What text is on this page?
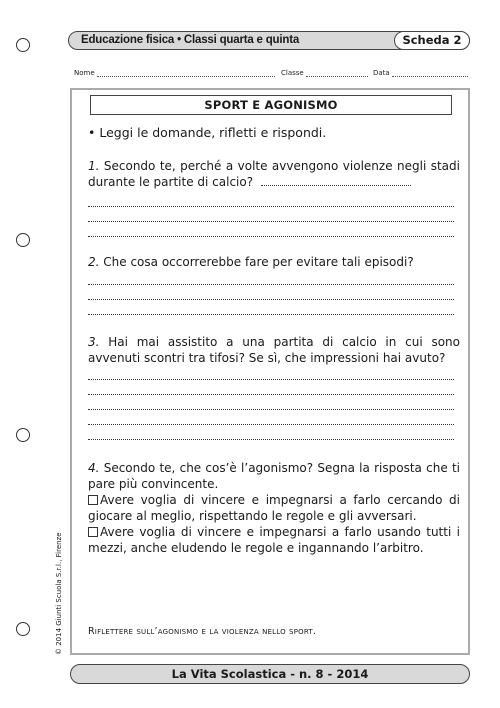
Educazione fisica • Classi quarta e quinta	Scheda 2
Nome	Classe	Data
SPORT E AGONISMO
• Leggi le domande, rifletti e rispondi.
1. Secondo te, perché a volte avvengono violenze negli stadi durante le partite di calcio?
2. Che cosa occorrerebbe fare per evitare tali episodi?
3. Hai mai assistito a una partita di calcio in cui sono avvenuti scontri tra tifosi? Se sì, che impressioni hai avuto?
4. Secondo te, che cos’è l’agonismo? Segna la risposta che ti pare più convincente.
Avere voglia di vincere e impegnarsi a farlo cercando di giocare al meglio, rispettando le regole e gli avversari.
Avere voglia di vincere e impegnarsi a farlo usando tutti i mezzi, anche eludendo le regole e ingannando l’arbitro.
Riflettere sull’agonismo e la violenza nello sport.
© 2014 Giunti Scuola S.r.l., Firenze
La Vita Scolastica - n. 8 - 2014
